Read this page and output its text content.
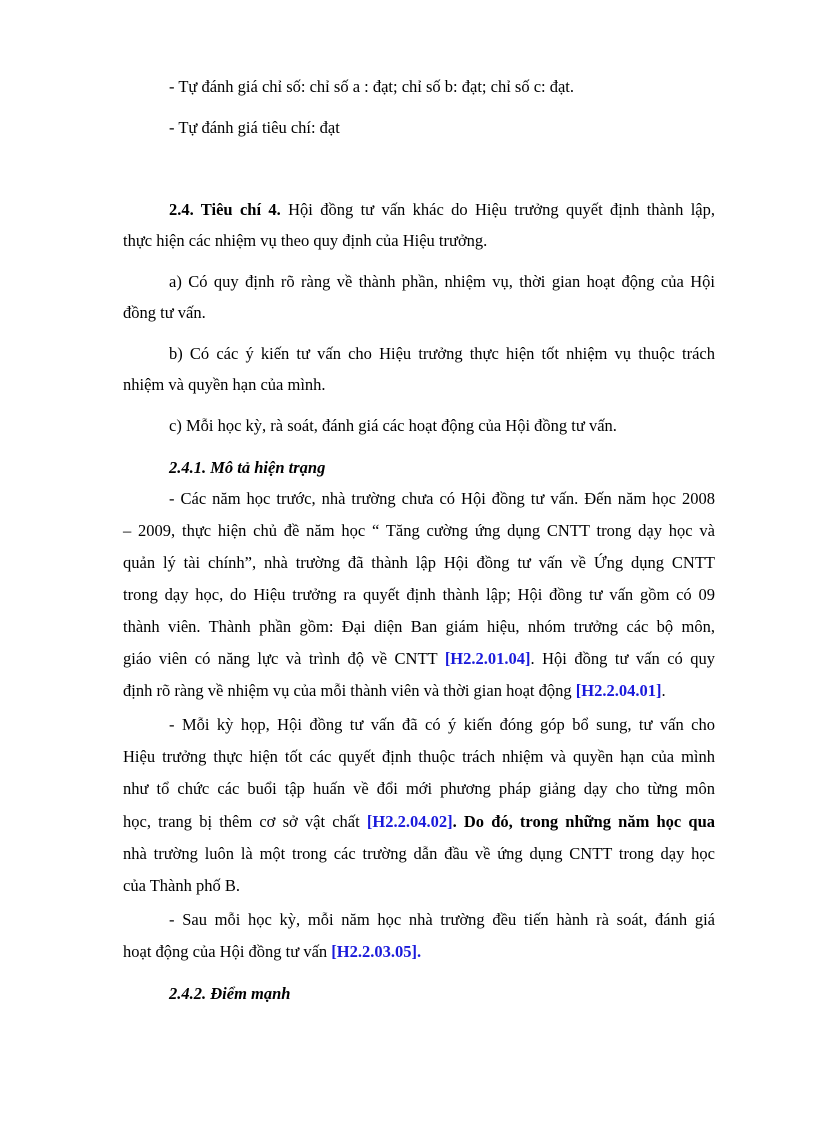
- Tự đánh giá chỉ số: chỉ số a : đạt; chỉ số b: đạt; chỉ số c: đạt.
- Tự đánh giá tiêu chí: đạt
2.4. Tiêu chí 4. Hội đồng tư vấn khác do Hiệu trưởng quyết định thành lập,
thực hiện các nhiệm vụ theo quy định của Hiệu trưởng.
a) Có quy định rõ ràng về thành phần, nhiệm vụ, thời gian hoạt động của Hội
đồng tư vấn.
b) Có các ý kiến tư vấn cho Hiệu trưởng thực hiện tốt nhiệm vụ thuộc trách
nhiệm và quyền hạn của mình.
c) Mỗi học kỳ, rà soát, đánh giá các hoạt động của Hội đồng tư vấn.
2.4.1. Mô tả hiện trạng
- Các năm học trước, nhà trường chưa có Hội đồng tư vấn. Đến năm học 2008
– 2009, thực hiện chủ đề năm học “ Tăng cường ứng dụng CNTT trong dạy học và
quản lý tài chính”, nhà trường đã thành lập Hội đồng tư vấn về Ứng dụng CNTT
trong dạy học, do Hiệu trưởng ra quyết định thành lập; Hội đồng tư vấn gồm có 09
thành viên. Thành phần gồm: Đại diện Ban giám hiệu, nhóm trưởng các bộ môn,
giáo viên có năng lực và trình độ về CNTT [H2.2.01.04]. Hội đồng tư vấn có quy
định rõ ràng về nhiệm vụ của mỗi thành viên và thời gian hoạt động [H2.2.04.01].
- Mỗi kỳ họp, Hội đồng tư vấn đã có ý kiến đóng góp bổ sung, tư vấn cho
Hiệu trưởng thực hiện tốt các quyết định thuộc trách nhiệm và quyền hạn của mình
như tổ chức các buổi tập huấn về đổi mới phương pháp giảng dạy cho từng môn
học, trang bị thêm cơ sở vật chất [H2.2.04.02]. Do đó, trong những năm học qua
nhà trường luôn là một trong các trường dẫn đầu về ứng dụng CNTT trong dạy học
của Thành phố B.
- Sau mỗi học kỳ, mỗi năm học nhà trường đều tiến hành rà soát, đánh giá
hoạt động của Hội đồng tư vấn [H2.2.03.05].
2.4.2. Điểm mạnh
